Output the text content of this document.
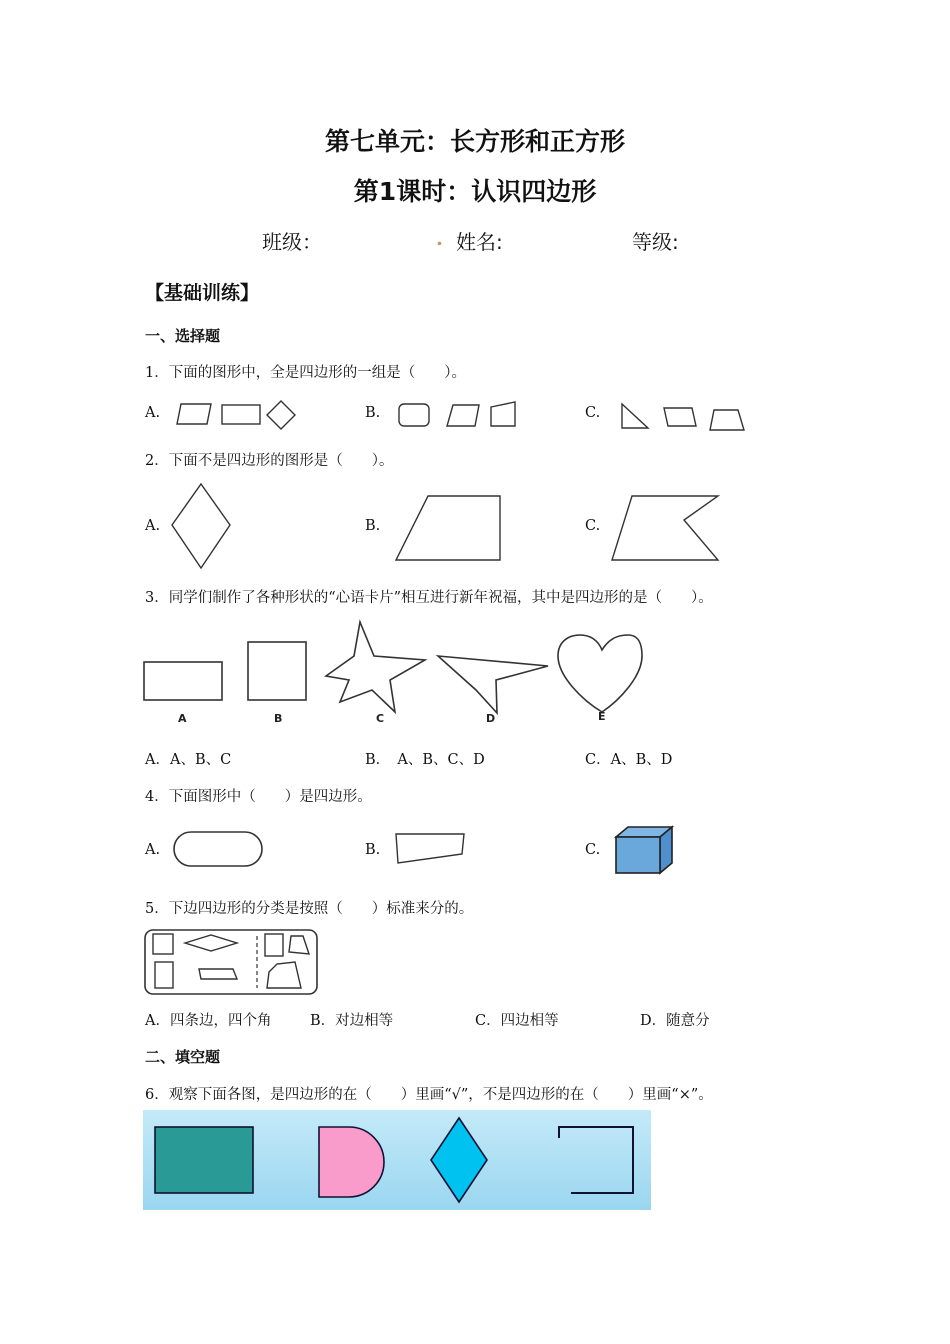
第七单元：长方形和正方形
第1课时：认识四边形
班级：	. 姓名:	等级:
【基础训练】
一、选择题
1．下面的图形中，全是四边形的一组是（　　）。
A.	B.	C.
2．下面不是四边形的图形是（　　）。
A.	B.	C.
3．同学们制作了各种形状的“心语卡片”相互进行新年祝福，其中是四边形的是（　　）。
A	B	C	D	E
A．A、B、C	B．　A、B、C、D	C．A、B、D
4．下面图形中（　　）是四边形。
A.	B.	C.
5．下边四边形的分类是按照（　　）标准来分的。
A．四条边，四个角	B．对边相等	C．四边相等	D．随意分
二、填空题
6．观察下面各图，是四边形的在（　　）里画“√”，不是四边形的在（　　）里画“×”。
